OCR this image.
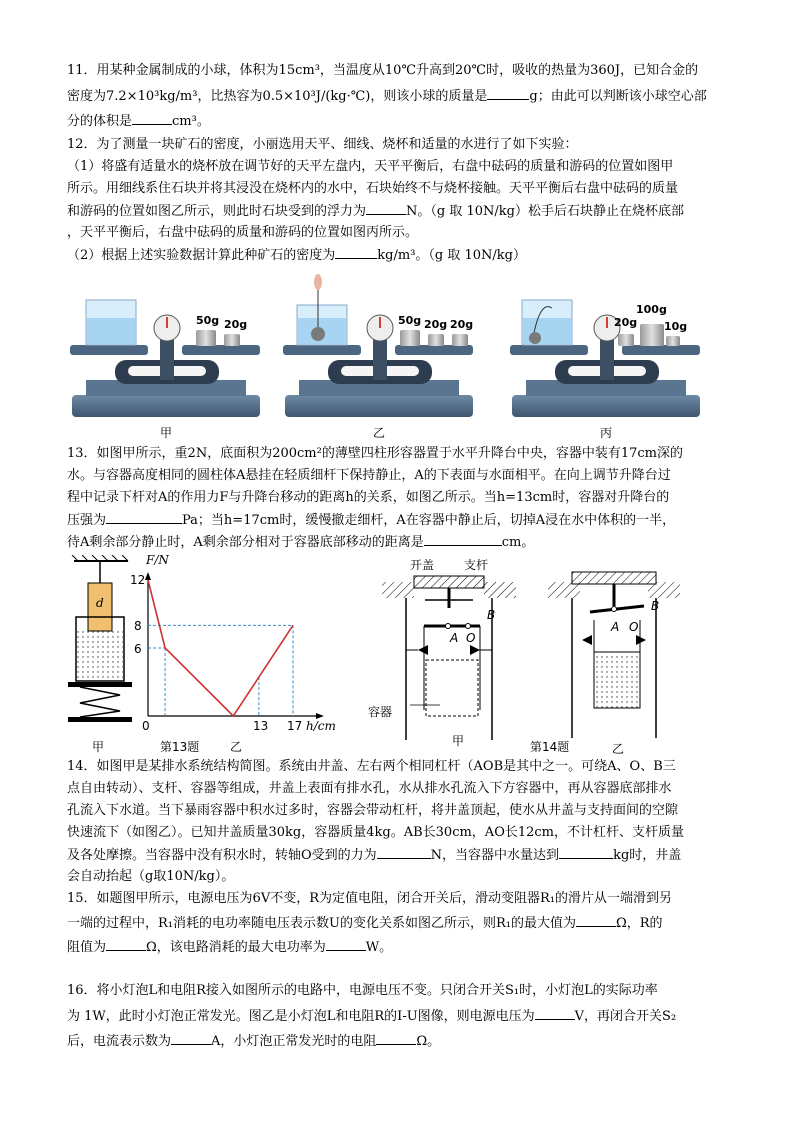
11．用某种金属制成的小球，体积为15cm³，当温度从10℃升高到20℃时，吸收的热量为360J，已知合金的
密度为7.2×10³kg/m³，比热容为0.5×10³J/(kg·℃)，则该小球的质量是	g；由此可以判断该小球空心部
分的体积是	cm³。
12．为了测量一块矿石的密度，小丽选用天平、细线、烧杯和适量的水进行了如下实验：
（1）将盛有适量水的烧杯放在调节好的天平左盘内，天平平衡后，右盘中砝码的质量和游码的位置如图甲
所示。用细线系住石块并将其浸没在烧杯内的水中，石块始终不与烧杯接触。天平平衡后右盘中砝码的质量
和游码的位置如图乙所示，则此时石块受到的浮力为	N。（g 取 10N/kg）松手后石块静止在烧杯底部
，天平平衡后，右盘中砝码的质量和游码的位置如图丙所示。
（2）根据上述实验数据计算此种矿石的密度为	kg/m³。（g 取 10N/kg）
50g 20g	50g 20g 20g
100g
20g 10g
甲	乙	丙
13．如图甲所示，重2N，底面积为200cm²的薄壁四柱形容器置于水平升降台中央，容器中装有17cm深的
水。与容器高度相同的圆柱体A悬挂在轻质细杆下保持静止，A的下表面与水面相平。在向上调节升降台过
程中记录下杆对A的作用力F与升降台移动的距离h的关系，如图乙所示。当h=13cm时，容器对升降台的
压强为	Pa；当h=17cm时，缓慢撤走细杆，A在容器中静止后，切掉A浸在水中体积的一半，
待A剩余部分静止时，A剩余部分相对于容器底部移动的距离是	cm。
d
甲
F/N
h/cm
12
8
6
0	13 17
第13题	乙
开盖 支杆
容器
A O
B
A O
B
甲	第14题	乙
14．如图甲是某排水系统结构简图。系统由井盖、左右两个相同杠杆（AOB是其中之一。可绕A、O、B三
点自由转动）、支杆、容器等组成，井盖上表面有排水孔，水从排水孔流入下方容器中，再从容器底部排水
孔流入下水道。当下暴雨容器中积水过多时，容器会带动杠杆，将井盖顶起，使水从井盖与支持面间的空隙
快速流下（如图乙）。已知井盖质量30kg，容器质量4kg。AB长30cm，AO长12cm，不计杠杆、支杆质量
及各处摩擦。当容器中没有积水时，转轴O受到的力为	N，当容器中水量达到	kg时，井盖
会自动抬起（g取10N/kg）。
15．如题图甲所示，电源电压为6V不变，R为定值电阻，闭合开关后，滑动变阻器R₁的滑片从一端滑到另
一端的过程中，R₁消耗的电功率随电压表示数U的变化关系如图乙所示，则R₁的最大值为	Ω，R的
阻值为	Ω，该电路消耗的最大电功率为	W。
16．将小灯泡L和电阻R接入如图所示的电路中，电源电压不变。只闭合开关S₁时，小灯泡L的实际功率
为 1W，此时小灯泡正常发光。图乙是小灯泡L和电阻R的I-U图像，则电源电压为	V，再闭合开关S₂
后，电流表示数为	A，小灯泡正常发光时的电阻	Ω。
